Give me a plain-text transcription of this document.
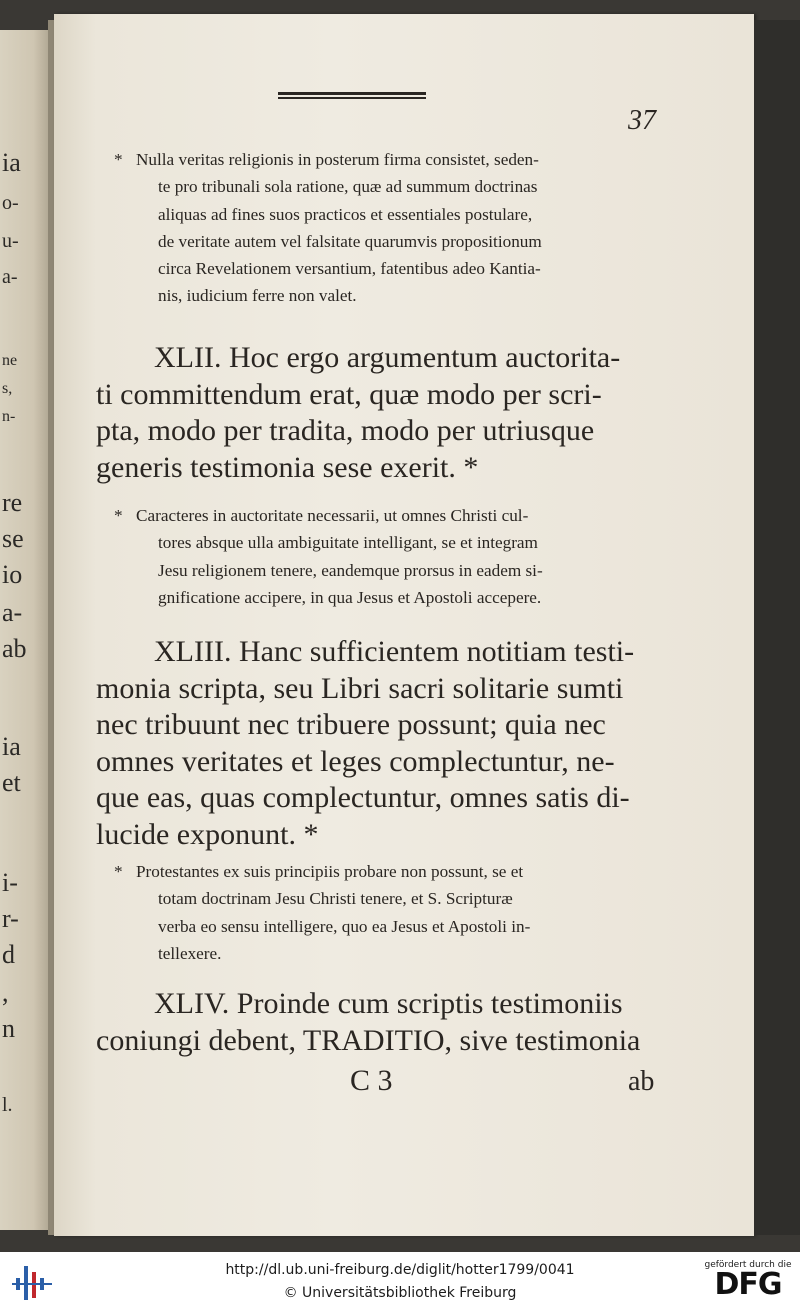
ia
o-
u-
a-
ne
s,
n-
re
se
io
a-
ab
ia
et
i-
r-
d
,
n
l.
37
* Nulla veritas religionis in posterum firma consistet, seden-
te pro tribunali sola ratione, quæ ad summum doctrinas
aliquas ad fines suos practicos et essentiales postulare,
de veritate autem vel falsitate quarumvis propositionum
circa Revelationem versantium, fatentibus adeo Kantia-
nis, iudicium ferre non valet.
XLII. Hoc ergo argumentum auctorita-
ti committendum erat, quæ modo per scri-
pta, modo per tradita, modo per utriusque
generis testimonia sese exerit. *
* Caracteres in auctoritate necessarii, ut omnes Christi cul-
tores absque ulla ambiguitate intelligant, se et integram
Jesu religionem tenere, eandemque prorsus in eadem si-
gnificatione accipere, in qua Jesus et Apostoli accepere.
XLIII. Hanc sufficientem notitiam testi-
monia scripta, seu Libri sacri solitarie sumti
nec tribuunt nec tribuere possunt; quia nec
omnes veritates et leges complectuntur, ne-
que eas, quas complectuntur, omnes satis di-
lucide exponunt. *
* Protestantes ex suis principiis probare non possunt, se et
totam doctrinam Jesu Christi tenere, et S. Scripturæ
verba eo sensu intelligere, quo ea Jesus et Apostoli in-
tellexere.
XLIV. Proinde cum scriptis testimoniis
coniungi debent, TRADITIO, sive testimonia
C 3	ab
http://dl.ub.uni-freiburg.de/diglit/hotter1799/0041
© Universitätsbibliothek Freiburg
gefördert durch die
DFG
